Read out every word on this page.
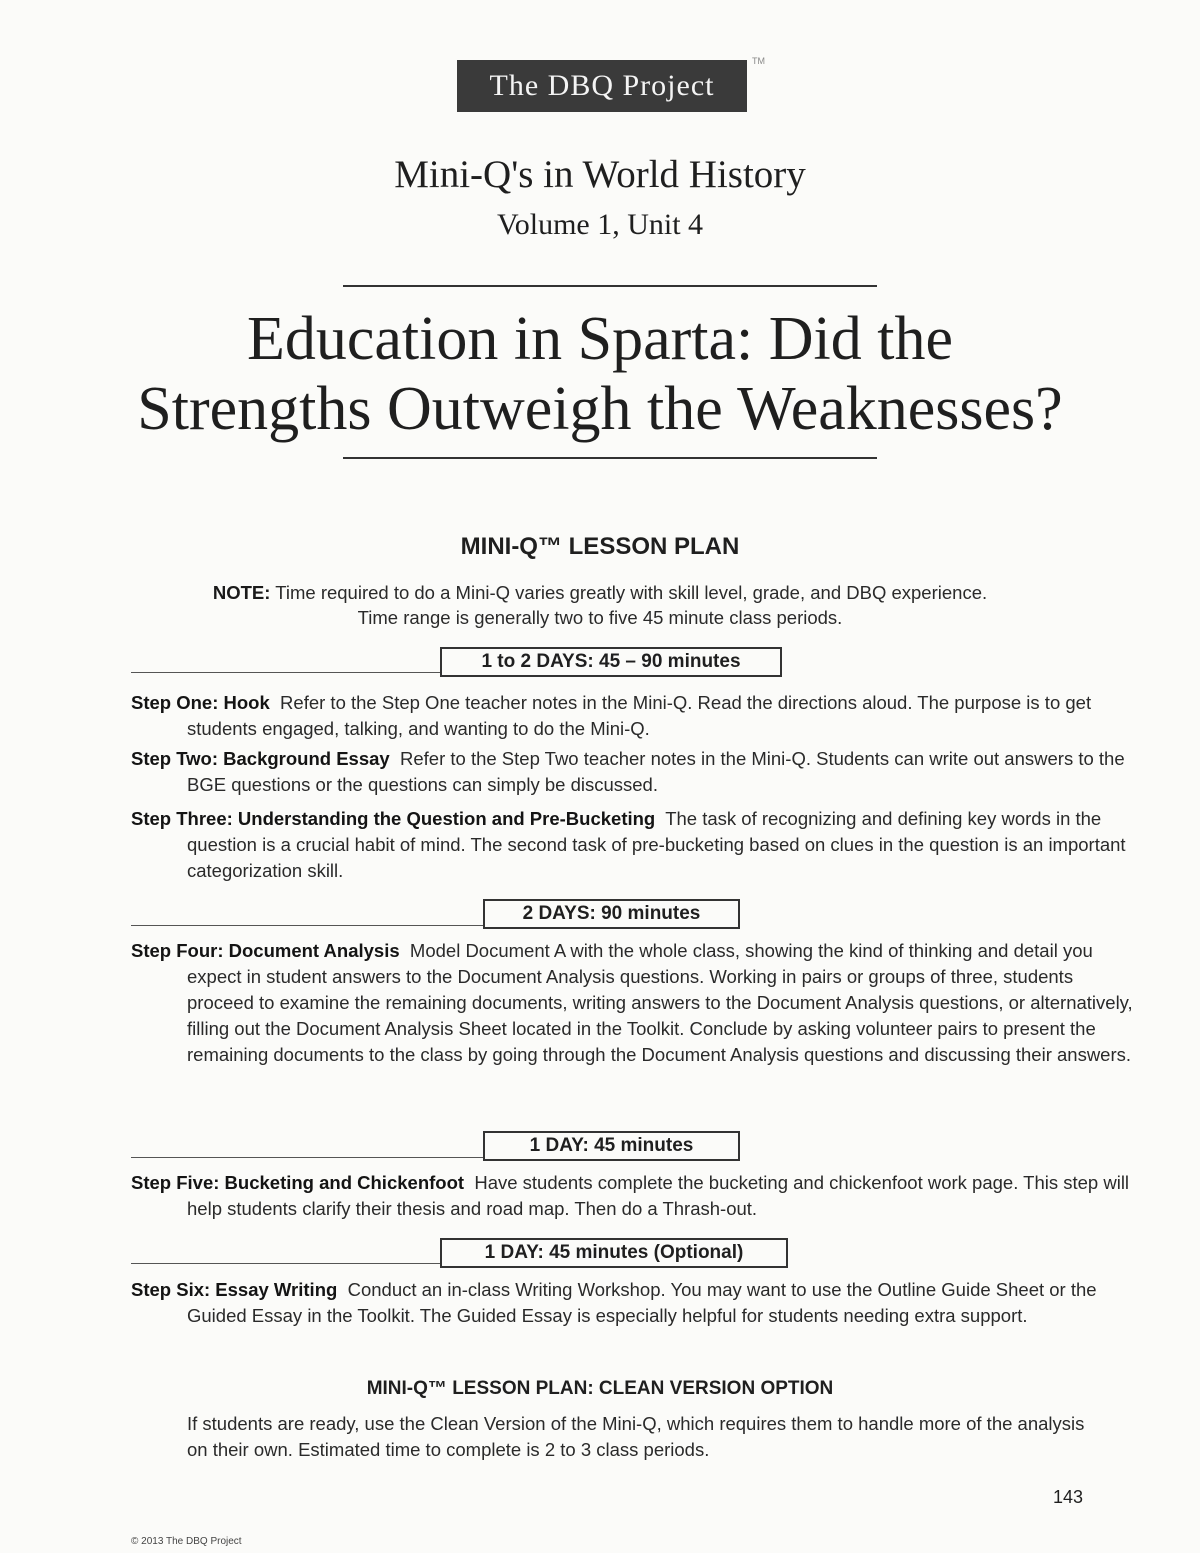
The DBQ Project
TM
Mini-Q's in World History
Volume 1, Unit 4
Education in Sparta: Did the
Strengths Outweigh the Weaknesses?
MINI-Q™ LESSON PLAN
NOTE: Time required to do a Mini-Q varies greatly with skill level, grade, and DBQ experience.
Time range is generally two to five 45 minute class periods.
1 to 2 DAYS: 45 – 90 minutes
Step One: Hook Refer to the Step One teacher notes in the Mini-Q. Read the directions aloud. The purpose is to get students engaged, talking, and wanting to do the Mini-Q.
Step Two: Background Essay Refer to the Step Two teacher notes in the Mini-Q. Students can write out answers to the BGE questions or the questions can simply be discussed.
Step Three: Understanding the Question and Pre-Bucketing The task of recognizing and defining key words in the question is a crucial habit of mind. The second task of pre-bucketing based on clues in the question is an important categorization skill.
2 DAYS: 90 minutes
Step Four: Document Analysis Model Document A with the whole class, showing the kind of thinking and detail you expect in student answers to the Document Analysis questions. Working in pairs or groups of three, students proceed to examine the remaining documents, writing answers to the Document Analysis questions, or alternatively, filling out the Document Analysis Sheet located in the Toolkit. Conclude by asking volunteer pairs to present the remaining documents to the class by going through the Document Analysis questions and discussing their answers.
1 DAY: 45 minutes
Step Five: Bucketing and Chickenfoot Have students complete the bucketing and chickenfoot work page. This step will help students clarify their thesis and road map. Then do a Thrash-out.
1 DAY: 45 minutes (Optional)
Step Six: Essay Writing Conduct an in-class Writing Workshop. You may want to use the Outline Guide Sheet or the Guided Essay in the Toolkit. The Guided Essay is especially helpful for students needing extra support.
MINI-Q™ LESSON PLAN: CLEAN VERSION OPTION
If students are ready, use the Clean Version of the Mini-Q, which requires them to handle more of the analysis on their own. Estimated time to complete is 2 to 3 class periods.
143
© 2013 The DBQ Project
